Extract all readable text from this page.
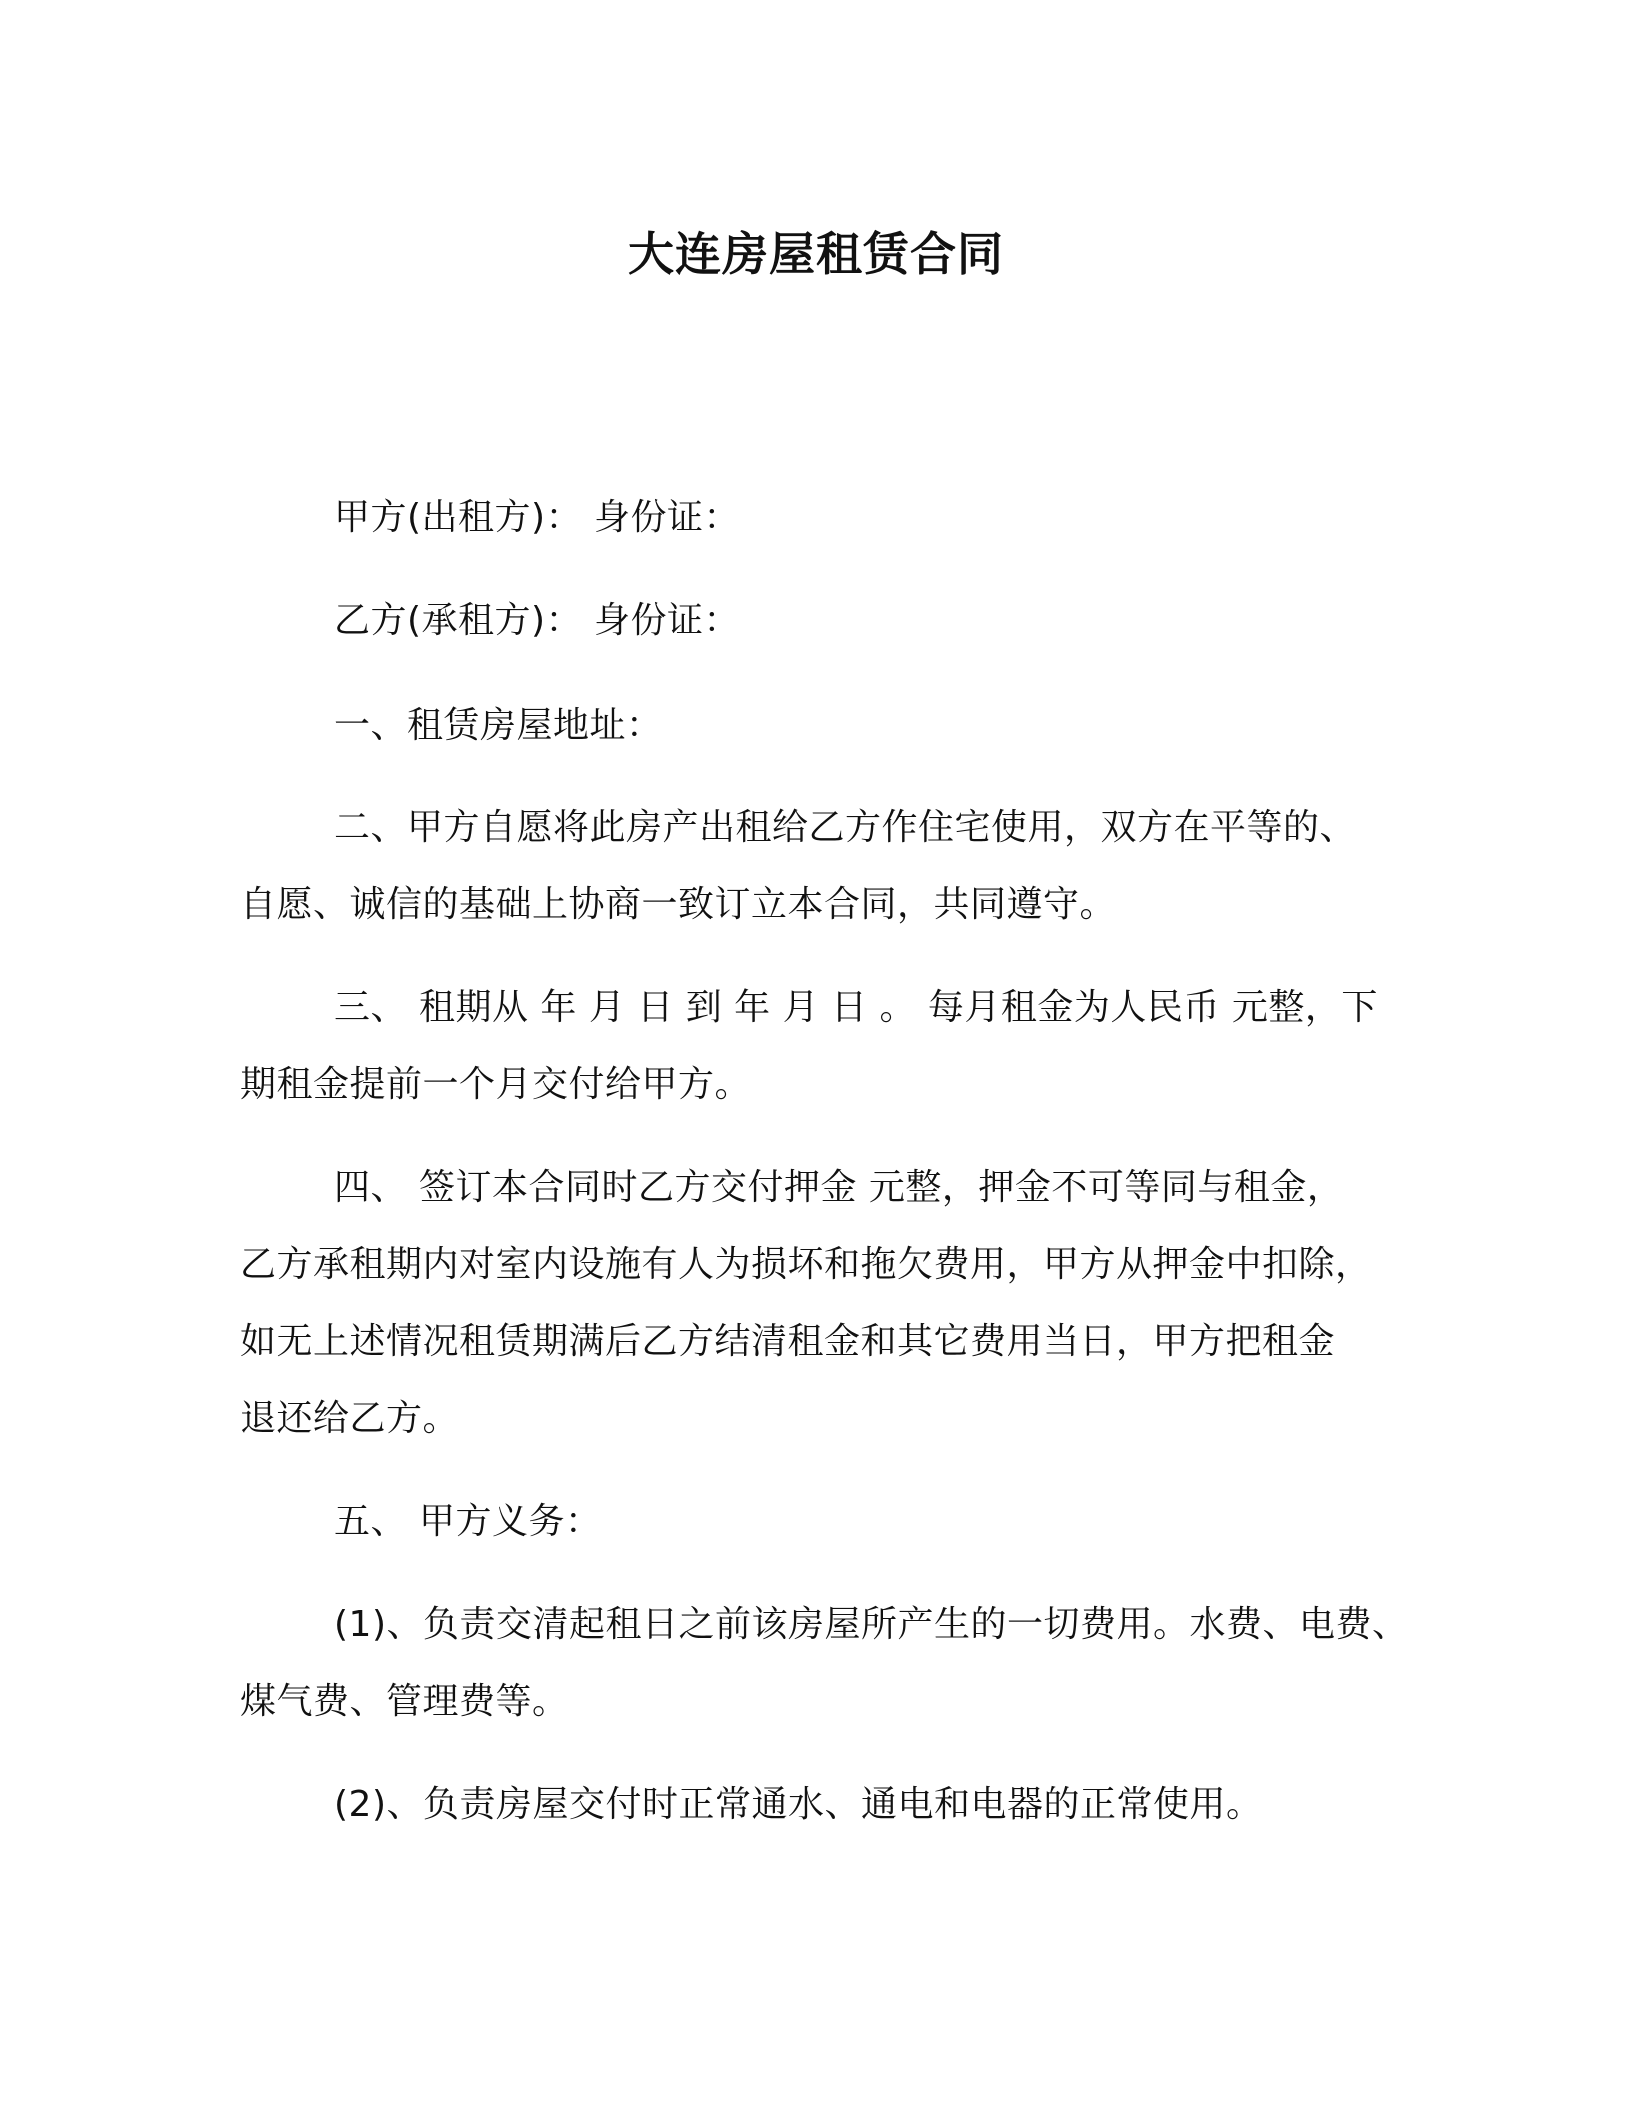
大连房屋租赁合同
甲方(出租方)： 身份证：
乙方(承租方)： 身份证：
一、租赁房屋地址：
二、甲方自愿将此房产出租给乙方作住宅使用，双方在平等的、
自愿、诚信的基础上协商一致订立本合同，共同遵守。
三、 租期从 年 月 日 到 年 月 日 。 每月租金为人民币 元整，下
期租金提前一个月交付给甲方。
四、 签订本合同时乙方交付押金 元整，押金不可等同与租金，
乙方承租期内对室内设施有人为损坏和拖欠费用，甲方从押金中扣除，
如无上述情况租赁期满后乙方结清租金和其它费用当日，甲方把租金
退还给乙方。
五、 甲方义务：
(1)、负责交清起租日之前该房屋所产生的一切费用。水费、电费、
煤气费、管理费等。
(2)、负责房屋交付时正常通水、通电和电器的正常使用。
